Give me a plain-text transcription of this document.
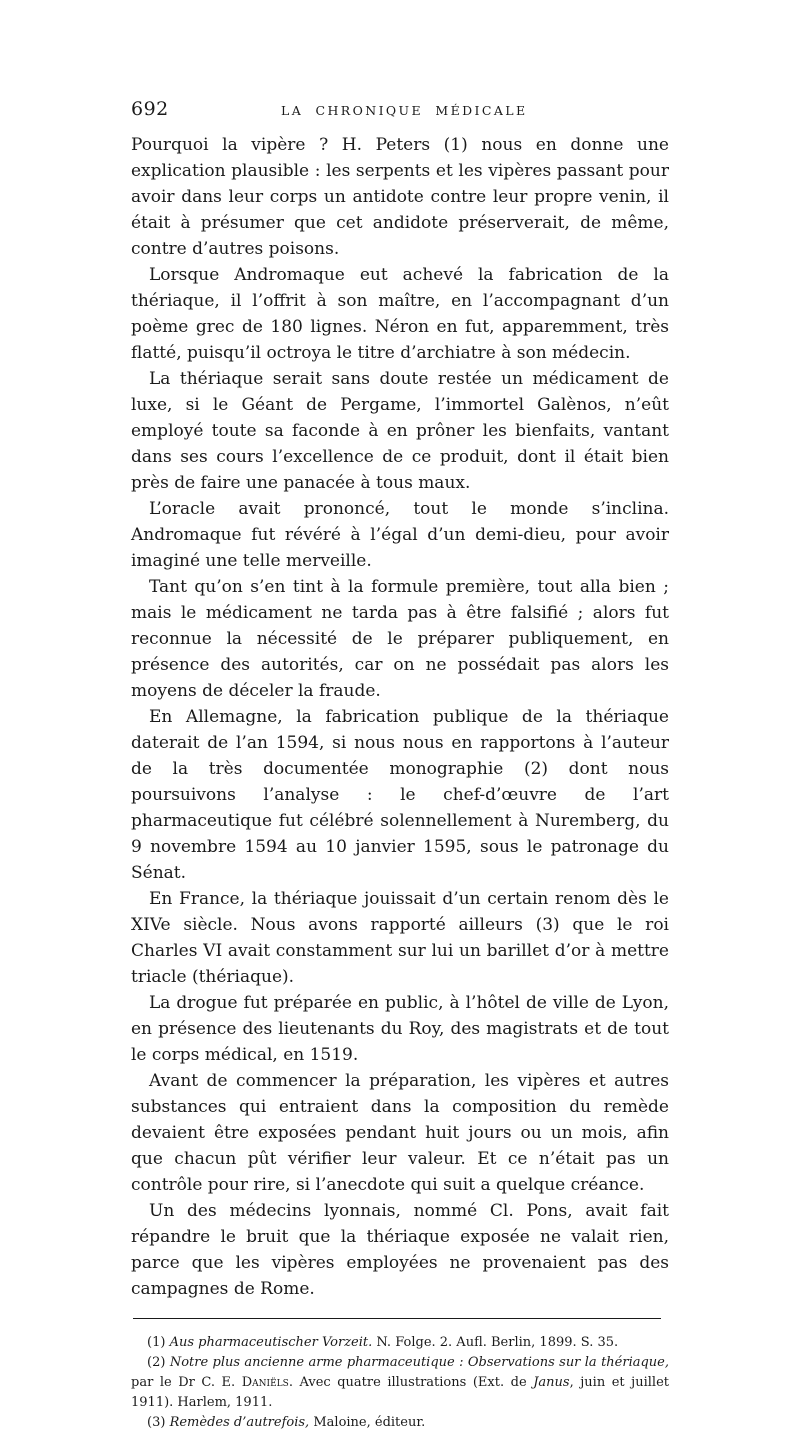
692	LA CHRONIQUE MÉDICALE

Pourquoi la vipère ? H. Peters (1) nous en donne une explication plausible : les serpents et les vipères passant pour avoir dans leur corps un antidote contre leur propre venin, il était à présumer que cet andidote préserverait, de même, contre d’autres poisons.

Lorsque Andromaque eut achevé la fabrication de la thériaque, il l’offrit à son maître, en l’accompagnant d’un poème grec de 180 lignes. Néron en fut, apparemment, très flatté, puisqu’il octroya le titre d’archiatre à son médecin.

La thériaque serait sans doute restée un médicament de luxe, si le Géant de Pergame, l’immortel Galènos, n’eût employé toute sa faconde à en prôner les bienfaits, vantant dans ses cours l’excellence de ce produit, dont il était bien près de faire une panacée à tous maux.

L’oracle avait prononcé, tout le monde s’inclina. Andromaque fut révéré à l’égal d’un demi-dieu, pour avoir imaginé une telle merveille.

Tant qu’on s’en tint à la formule première, tout alla bien ; mais le médicament ne tarda pas à être falsifié ; alors fut reconnue la nécessité de le préparer publiquement, en présence des autorités, car on ne possédait pas alors les moyens de déceler la fraude.

En Allemagne, la fabrication publique de la thériaque daterait de l’an 1594, si nous nous en rapportons à l’auteur de la très documentée monographie (2) dont nous poursuivons l’analyse : le chef-d’œuvre de l’art pharmaceutique fut célébré solennellement à Nuremberg, du 9 novembre 1594 au 10 janvier 1595, sous le patronage du Sénat.

En France, la thériaque jouissait d’un certain renom dès le XIVe siècle. Nous avons rapporté ailleurs (3) que le roi Charles VI avait constamment sur lui un barillet d’or à mettre triacle (thériaque).

La drogue fut préparée en public, à l’hôtel de ville de Lyon, en présence des lieutenants du Roy, des magistrats et de tout le corps médical, en 1519.

Avant de commencer la préparation, les vipères et autres substances qui entraient dans la composition du remède devaient être exposées pendant huit jours ou un mois, afin que chacun pût vérifier leur valeur. Et ce n’était pas un contrôle pour rire, si l’anecdote qui suit a quelque créance.

Un des médecins lyonnais, nommé Cl. Pons, avait fait répandre le bruit que la thériaque exposée ne valait rien, parce que les vipères employées ne provenaient pas des campagnes de Rome.

(1) Aus pharmaceutischer Vorzeit. N. Folge. 2. Aufl. Berlin, 1899. S. 35.

(2) Notre plus ancienne arme pharmaceutique : Observations sur la thériaque, par le Dr C. E. Daniëls. Avec quatre illustrations (Ext. de Janus, juin et juillet 1911). Harlem, 1911.

(3) Remèdes d’autrefois, Maloine, éditeur.
